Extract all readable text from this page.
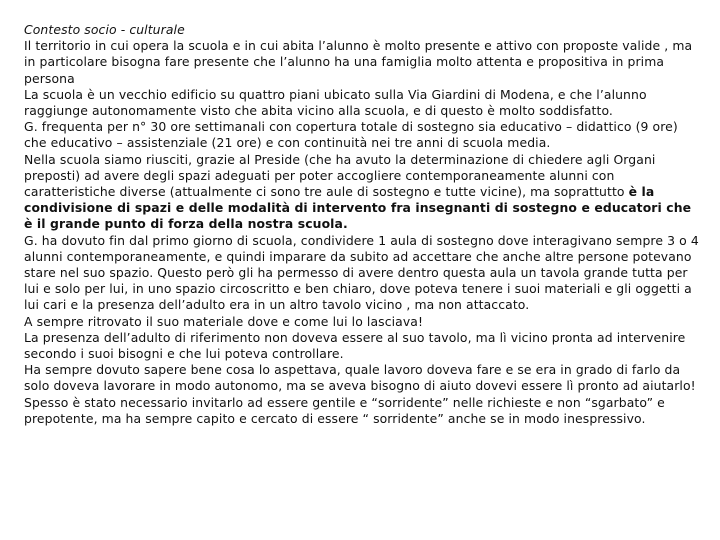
Contesto socio - culturale

Il territorio in cui opera la scuola e in cui abita l’alunno è molto presente e attivo con proposte valide , ma in particolare bisogna fare presente che l’alunno ha una famiglia molto attenta e propositiva in prima persona

La scuola è un vecchio edificio su quattro piani ubicato sulla Via Giardini di Modena, e che l’alunno raggiunge autonomamente visto che abita vicino alla scuola, e di questo è molto soddisfatto.

G. frequenta per n° 30 ore settimanali con copertura totale di sostegno sia educativo – didattico (9 ore) che educativo – assistenziale (21 ore) e con continuità nei tre anni di scuola media.

Nella scuola siamo riusciti, grazie al Preside (che ha avuto la determinazione di chiedere agli Organi preposti) ad avere degli spazi adeguati per poter accogliere contemporaneamente alunni con caratteristiche diverse (attualmente ci sono tre aule di sostegno e tutte vicine), ma soprattutto è la condivisione di spazi e delle modalità di intervento fra insegnanti di sostegno e educatori che è il grande punto di forza della nostra scuola.

G. ha dovuto fin dal primo giorno di scuola, condividere 1 aula di sostegno dove interagivano sempre 3 o 4 alunni contemporaneamente, e quindi imparare da subito ad accettare che anche altre persone potevano stare nel suo spazio. Questo però gli ha permesso di avere dentro questa aula un tavola grande tutta per lui e solo per lui, in uno spazio circoscritto e ben chiaro, dove poteva tenere i suoi materiali e gli oggetti a lui cari e la presenza dell’adulto era in un altro tavolo vicino , ma non attaccato.

A sempre ritrovato il suo materiale dove e come lui lo lasciava!

La presenza dell’adulto di riferimento non doveva essere al suo tavolo, ma lì vicino pronta ad intervenire secondo i suoi bisogni e che lui poteva controllare.

Ha sempre dovuto sapere bene cosa lo aspettava, quale lavoro doveva fare e se era in grado di farlo da solo doveva lavorare in modo autonomo, ma se aveva bisogno di aiuto dovevi essere lì pronto ad aiutarlo!

Spesso è stato necessario invitarlo ad essere gentile e “sorridente” nelle richieste e non “sgarbato” e prepotente, ma ha sempre capito e cercato di essere “ sorridente” anche se in modo inespressivo.
